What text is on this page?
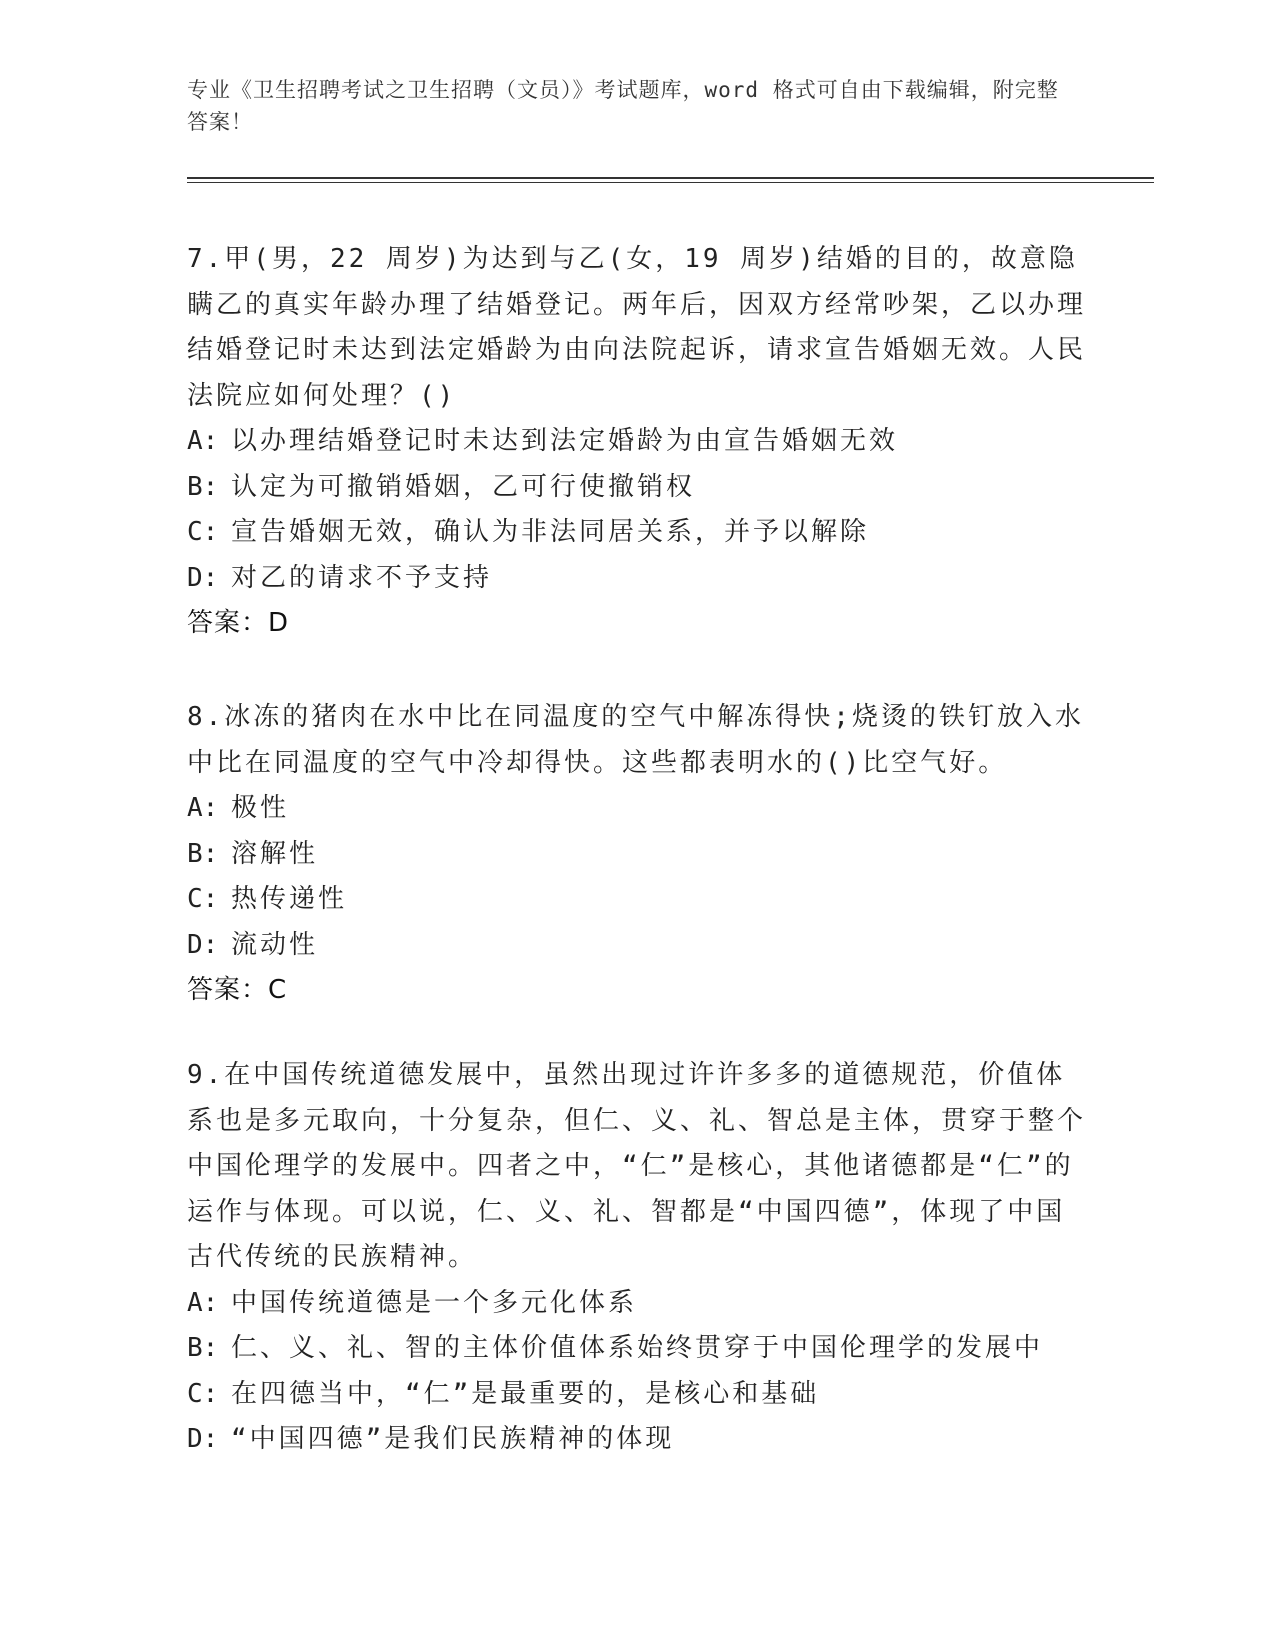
专业《卫生招聘考试之卫生招聘（文员）》考试题库，word 格式可自由下载编辑，附完整答案！

7.甲(男，22 周岁)为达到与乙(女，19 周岁)结婚的目的，故意隐瞒乙的真实年龄办理了结婚登记。两年后，因双方经常吵架，乙以办理结婚登记时未达到法定婚龄为由向法院起诉，请求宣告婚姻无效。人民法院应如何处理？()

A: 以办理结婚登记时未达到法定婚龄为由宣告婚姻无效
B: 认定为可撤销婚姻，乙可行使撤销权
C: 宣告婚姻无效，确认为非法同居关系，并予以解除
D: 对乙的请求不予支持
答案：D

8.冰冻的猪肉在水中比在同温度的空气中解冻得快;烧烫的铁钉放入水中比在同温度的空气中冷却得快。这些都表明水的()比空气好。

A: 极性
B: 溶解性
C: 热传递性
D: 流动性
答案：C

9.在中国传统道德发展中，虽然出现过许许多多的道德规范，价值体系也是多元取向，十分复杂，但仁、义、礼、智总是主体，贯穿于整个中国伦理学的发展中。四者之中，“仁”是核心，其他诸德都是“仁”的运作与体现。可以说，仁、义、礼、智都是“中国四德”，体现了中国古代传统的民族精神。

A: 中国传统道德是一个多元化体系
B: 仁、义、礼、智的主体价值体系始终贯穿于中国伦理学的发展中
C: 在四德当中，“仁”是最重要的，是核心和基础
D: “中国四德”是我们民族精神的体现
